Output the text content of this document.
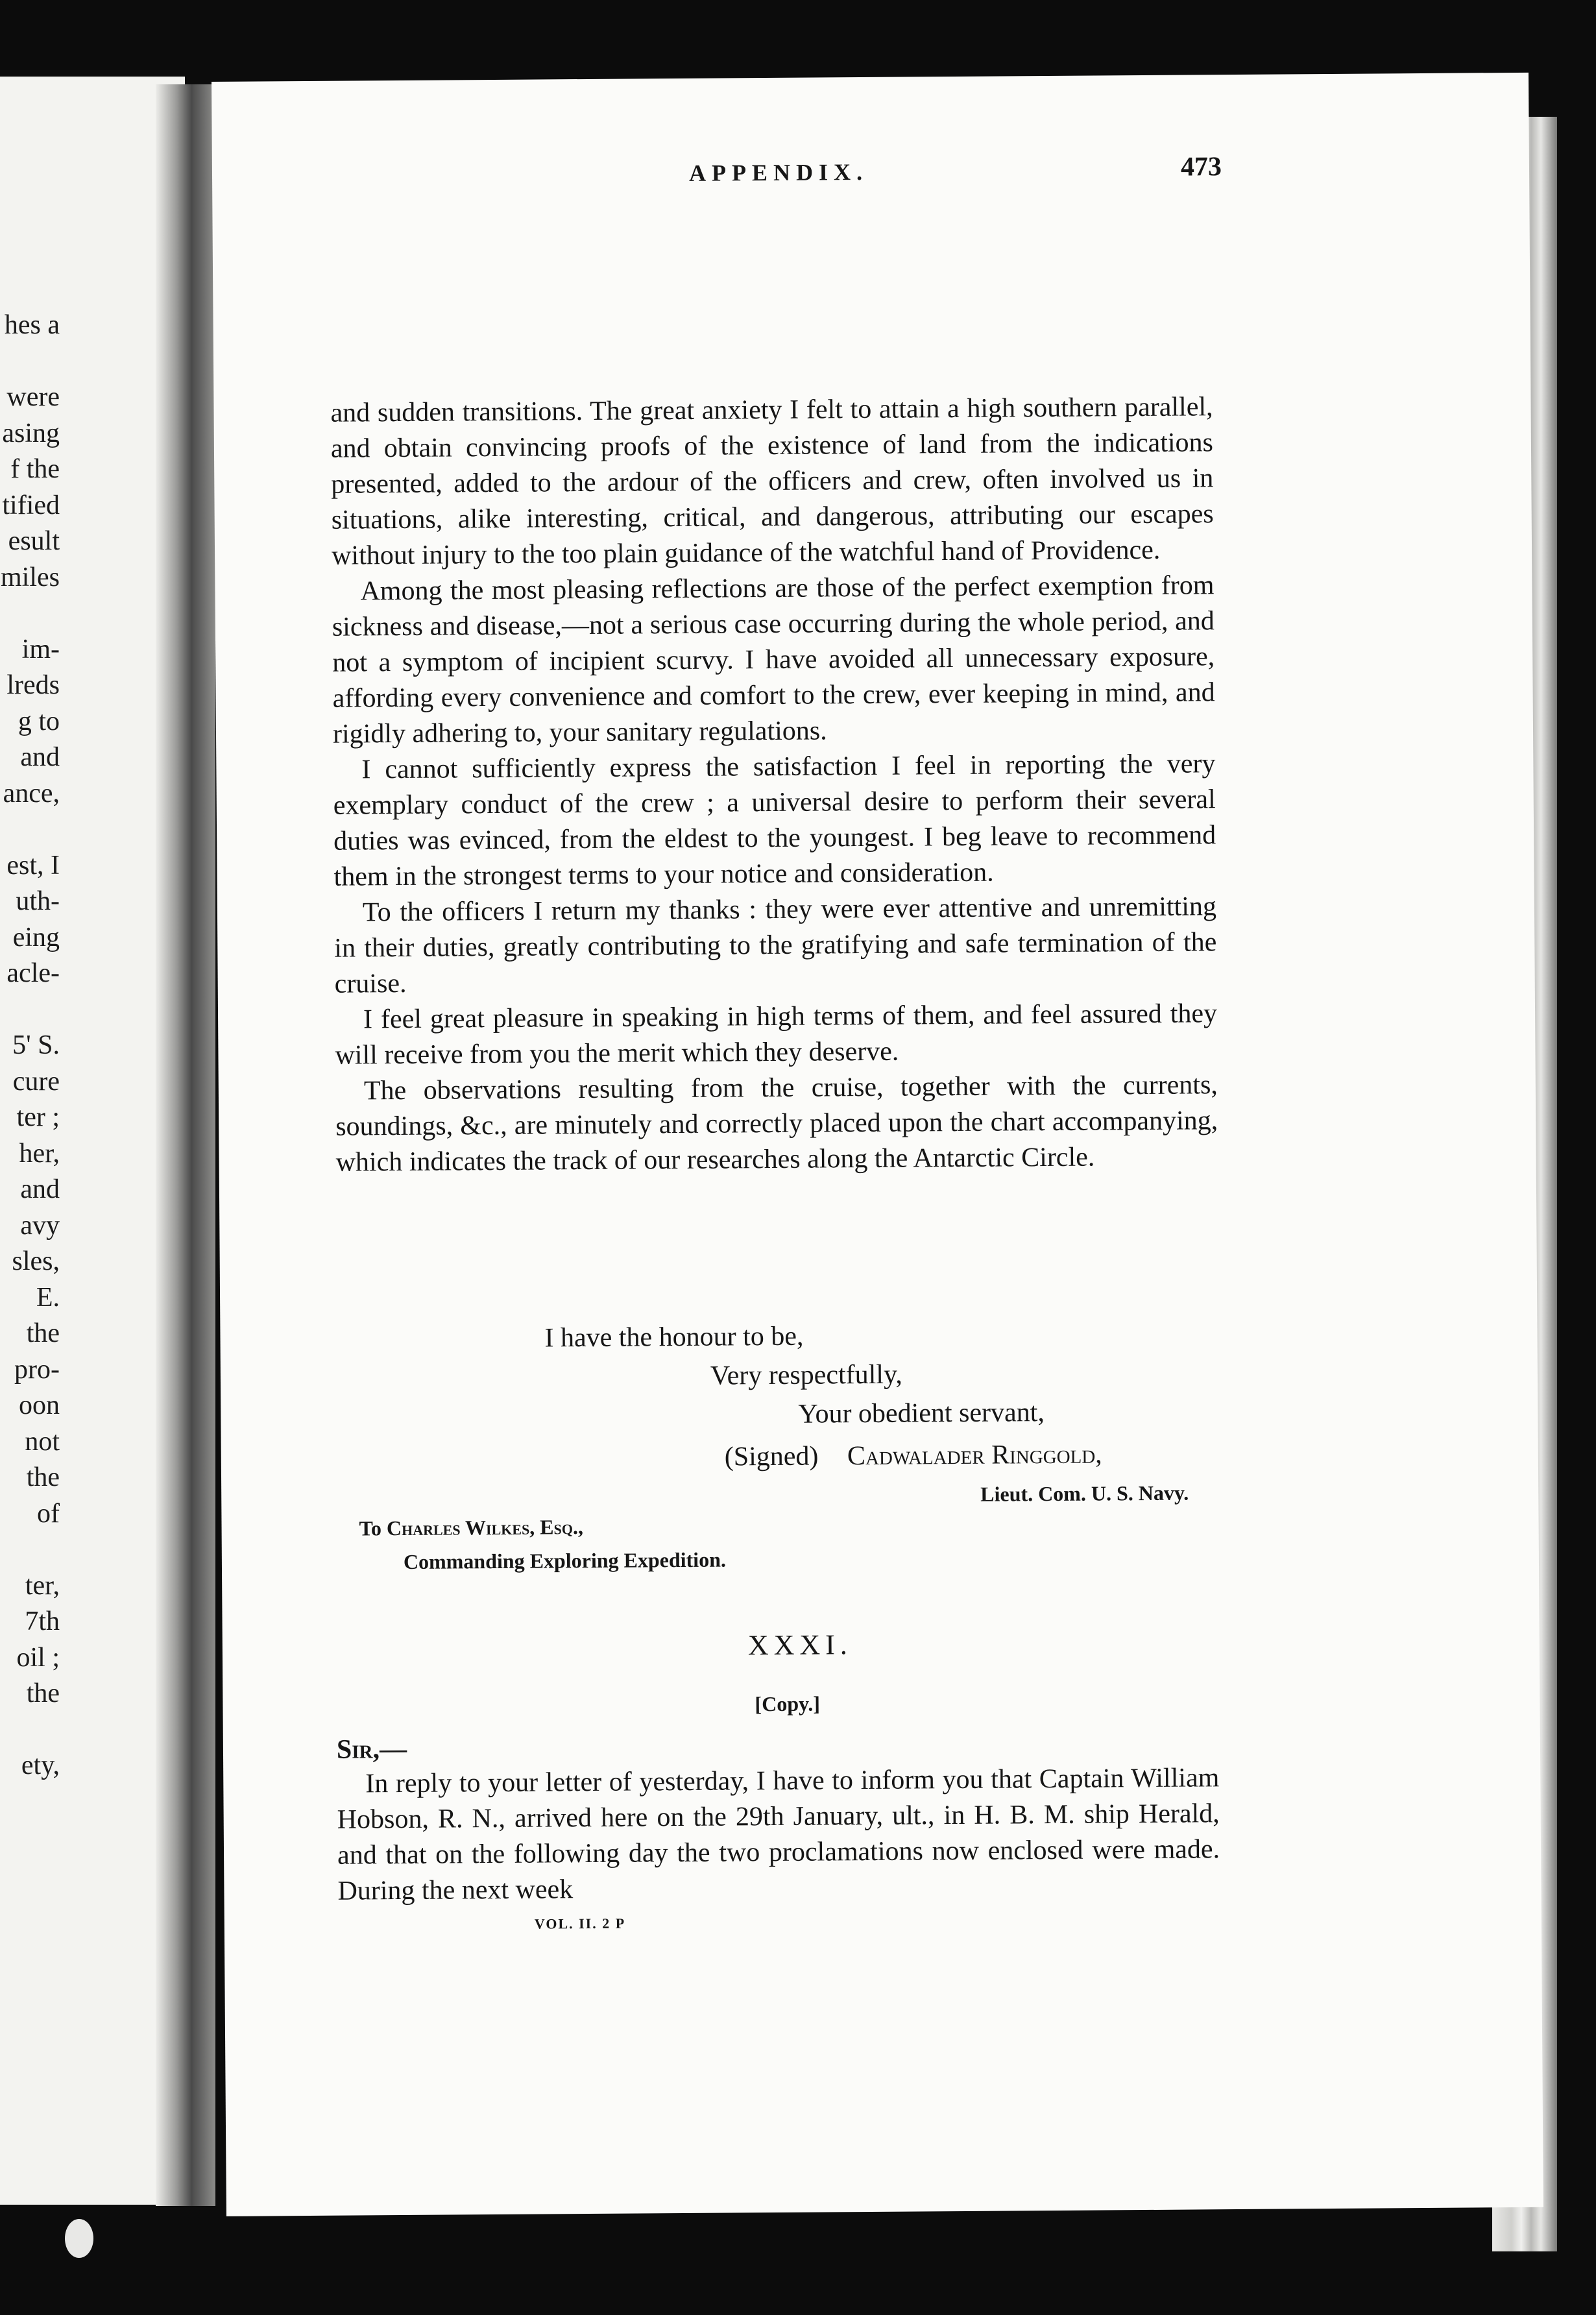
hes a
were
asing
f the
tified
esult
miles
im-
lreds
g to
and
ance,
est, I
uth-
eing
acle-
5' S.
cure
ter ;
her,
and
avy
sles,
E.
the
pro-
oon
not
the
of
ter,
7th
oil ;
the
ety,
APPENDIX.	473

and sudden transitions. The great anxiety I felt to attain a high southern parallel, and obtain convincing proofs of the existence of land from the indications presented, added to the ardour of the officers and crew, often involved us in situations, alike interesting, critical, and dangerous, attributing our escapes without injury to the too plain guidance of the watchful hand of Providence.

Among the most pleasing reflections are those of the perfect exemption from sickness and disease,—not a serious case occurring during the whole period, and not a symptom of incipient scurvy. I have avoided all unnecessary exposure, affording every convenience and comfort to the crew, ever keeping in mind, and rigidly adhering to, your sanitary regulations.

I cannot sufficiently express the satisfaction I feel in reporting the very exemplary conduct of the crew ; a universal desire to perform their several duties was evinced, from the eldest to the youngest. I beg leave to recommend them in the strongest terms to your notice and consideration.

To the officers I return my thanks : they were ever attentive and unremitting in their duties, greatly contributing to the gratifying and safe termination of the cruise.

I feel great pleasure in speaking in high terms of them, and feel assured they will receive from you the merit which they deserve.

The observations resulting from the cruise, together with the currents, soundings, &c., are minutely and correctly placed upon the chart accompanying, which indicates the track of our researches along the Antarctic Circle.

I have the honour to be,
Very respectfully,
Your obedient servant,
(Signed) Cadwalader Ringgold,
Lieut. Com. U. S. Navy.
To Charles Wilkes, Esq.,
Commanding Exploring Expedition.
XXXI.
[Copy.]
Sir,—

In reply to your letter of yesterday, I have to inform you that Captain William Hobson, R. N., arrived here on the 29th January, ult., in H. B. M. ship Herald, and that on the following day the two proclamations now enclosed were made. During the next week

VOL. II. 2 P
